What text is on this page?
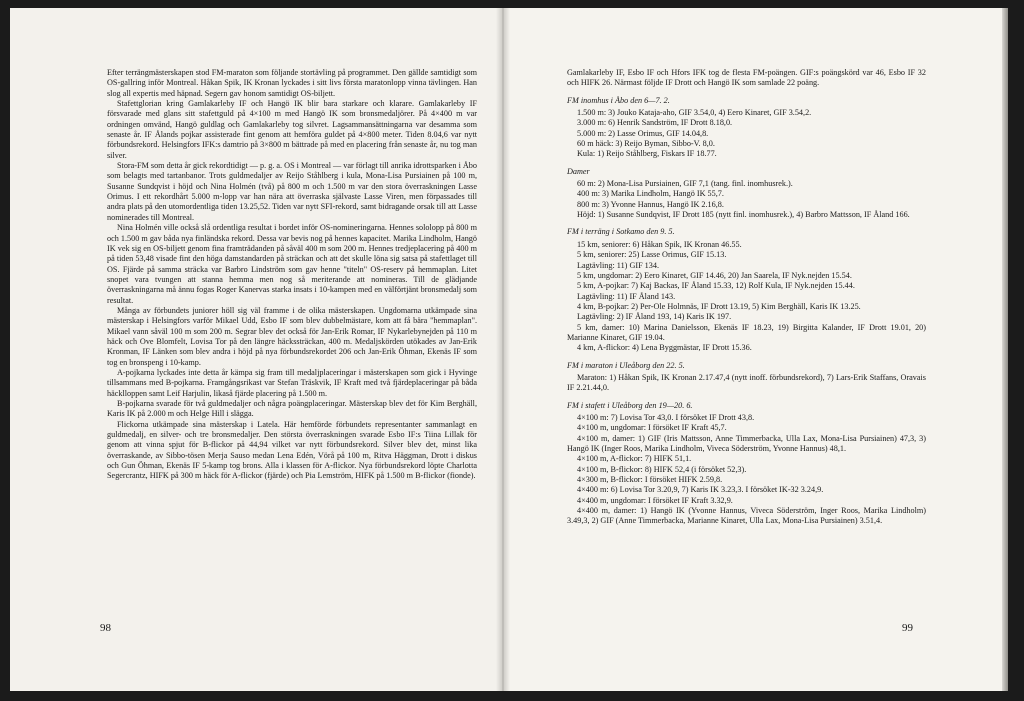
Efter terrängmästerskapen stod FM-maraton som följande stortävling på programmet. Den gällde samtidigt som OS-gallring inför Montreal. Håkan Spik, IK Kronan lyckades i sitt livs första maratonlopp vinna tävlingen. Han slog all expertis med häpnad. Segern gav honom samtidigt OS-biljett.

Stafettglorian kring Gamlakarleby IF och Hangö IK blir bara starkare och klarare. Gamlakarleby IF försvarade med glans sitt stafettguld på 4×100 m med Hangö IK som bronsmedaljörer. På 4×400 m var ordningen omvänd, Hangö guldlag och Gamlakarleby tog silvret. Lagsammansättningarna var desamma som senaste år. IF Ålands pojkar assisterade fint genom att hemföra guldet på 4×800 meter. Tiden 8.04,6 var nytt förbundsrekord. Helsingfors IFK:s damtrio på 3×800 m bättrade på med en placering från senaste år, nu tog man silver.

Stora-FM som detta år gick rekordtidigt — p. g. a. OS i Montreal — var förlagt till anrika idrottsparken i Åbo som belagts med tartanbanor. Trots guldmedaljer av Reijo Ståhlberg i kula, Mona-Lisa Pursiainen på 100 m, Susanne Sundqvist i höjd och Nina Holmén (två) på 800 m och 1.500 m var den stora överraskningen Lasse Orimus. I ett rekordhårt 5.000 m-lopp var han nära att överraska självaste Lasse Viren, men förpassades till andra plats på den utomordentliga tiden 13.25,52. Tiden var nytt SFI-rekord, samt bidragande orsak till att Lasse nominerades till Montreal.

Nina Holmén ville också slå ordentliga resultat i bordet inför OS-nomineringarna. Hennes sololopp på 800 m och 1.500 m gav båda nya finländska rekord. Dessa var bevis nog på hennes kapacitet. Marika Lindholm, Hangö IK vek sig en OS-biljett genom fina framträdanden på såväl 400 m som 200 m. Hennes tredjeplacering på 400 m på tiden 53,48 visade fint den höga damstandarden på sträckan och att det skulle löna sig satsa på stafettlaget till OS. Fjärde på samma sträcka var Barbro Lindström som gav henne "titeln" OS-reserv på hemmaplan. Litet snopet vara tvungen att stanna hemma men nog så meriterande att nomineras. Till de glädjande överraskningarna må ännu fogas Roger Kanervas starka insats i 10-kampen med en välförtjänt bronsmedalj som resultat.

Många av förbundets juniorer höll sig väl framme i de olika mästerskapen. Ungdomarna utkämpade sina mästerskap i Helsingfors varför Mikael Udd, Esbo IF som blev dubbelmästare, kom att få bära "hemmaplan". Mikael vann såväl 100 m som 200 m. Segrar blev det också för Jan-Erik Romar, IF Nykarlebynejden på 110 m häck och Ove Blomfelt, Lovisa Tor på den längre häckssträckan, 400 m. Medaljskörden utökades av Jan-Erik Kronman, IF Länken som blev andra i höjd på nya förbundsrekordet 206 och Jan-Erik Öhman, Ekenäs IF som tog en bronspeng i 10-kamp.

A-pojkarna lyckades inte detta år kämpa sig fram till medaljplaceringar i mästerskapen som gick i Hyvinge tillsammans med B-pojkarna. Framgångsrikast var Stefan Träskvik, IF Kraft med två fjärdeplaceringar på båda häcklloppen samt Leif Harjulin, likaså fjärde placering på 1.500 m.

B-pojkarna svarade för två guldmedaljer och några poängplaceringar. Mästerskap blev det för Kim Berghäll, Karis IK på 2.000 m och Helge Hill i slägga.

Flickorna utkämpade sina mästerskap i Latela. Här hemförde förbundets representanter sammanlagt en guldmedalj, en silver- och tre bronsmedaljer. Den största överraskningen svarade Esbo IF:s Tiina Lillak för genom att vinna spjut för B-flickor på 44,94 vilket var nytt förbundsrekord. Silver blev det, minst lika överraskande, av Sibbo-tösen Merja Sauso medan Lena Edén, Vörå på 100 m, Ritva Häggman, Drott i diskus och Gun Öhman, Ekenäs IF 5-kamp tog brons. Alla i klassen för A-flickor. Nya förbundsrekord löpte Charlotta Segercrantz, HIFK på 300 m häck för A-flickor (fjärde) och Pia Lemström, HIFK på 1.500 m B-flickor (fionde).

Gamlakarleby IF, Esbo IF och Hfors IFK tog de flesta FM-poängen. GIF:s poängskörd var 46, Esbo IF 32 och HIFK 26. Närmast följde IF Drott och Hangö IK som samlade 22 poäng.

FM inomhus i Åbo den 6—7. 2.

1.500 m: 3) Jouko Kataja-aho, GIF 3.54,0, 4) Eero Kinaret, GIF 3.54,2.

3.000 m: 6) Henrik Sandström, IF Drott 8.18,0.

5.000 m: 2) Lasse Orimus, GIF 14.04,8.

60 m häck: 3) Reijo Byman, Sibbo-V. 8,0.

Kula: 1) Reijo Ståhlberg, Fiskars IF 18.77.

Damer

60 m: 2) Mona-Lisa Pursiainen, GIF 7,1 (tang. finl. inomhusrek.).

400 m: 3) Marika Lindholm, Hangö IK 55,7.

800 m: 3) Yvonne Hannus, Hangö IK 2.16,8.

Höjd: 1) Susanne Sundqvist, IF Drott 185 (nytt finl. inomhusrek.), 4) Barbro Mattsson, IF Åland 166.

FM i terräng i Sotkamo den 9. 5.

15 km, seniorer: 6) Håkan Spik, IK Kronan 46.55.

5 km, seniorer: 25) Lasse Orimus, GIF 15.13.

Lagtävling: 11) GIF 134.

5 km, ungdomar: 2) Eero Kinaret, GIF 14.46, 20) Jan Saarela, IF Nyk.nejden 15.54.

5 km, A-pojkar: 7) Kaj Backas, IF Åland 15.33, 12) Rolf Kula, IF Nyk.nejden 15.44.

Lagtävling: 11) IF Åland 143.

4 km, B-pojkar: 2) Per-Ole Holmnäs, IF Drott 13.19, 5) Kim Berghäll, Karis IK 13.25.

Lagtävling: 2) IF Åland 193, 14) Karis IK 197.

5 km, damer: 10) Marina Danielsson, Ekenäs IF 18.23, 19) Birgitta Kalander, IF Drott 19.01, 20) Marianne Kinaret, GIF 19.04.

4 km, A-flickor: 4) Lena Byggmästar, IF Drott 15.36.

FM i maraton i Uleåborg den 22. 5.

Maraton: 1) Håkan Spik, IK Kronan 2.17.47,4 (nytt inoff. förbundsrekord), 7) Lars-Erik Staffans, Oravais IF 2.21.44,0.

FM i stafett i Uleåborg den 19—20. 6.

4×100 m: 7) Lovisa Tor 43,0. I försöket IF Drott 43,8.

4×100 m, ungdomar: I försöket IF Kraft 45,7.

4×100 m, damer: 1) GIF (Iris Mattsson, Anne Timmerbacka, Ulla Lax, Mona-Lisa Pursiainen) 47,3, 3) Hangö IK (Inger Roos, Marika Lindholm, Viveca Söderström, Yvonne Hannus) 48,1.

4×100 m, A-flickor: 7) HIFK 51,1.

4×100 m, B-flickor: 8) HIFK 52,4 (i försöket 52,3).

4×300 m, B-flickor: I försöket HIFK 2.59,8.

4×400 m: 6) Lovisa Tor 3.20,9, 7) Karis IK 3.23,3. I försöket IK-32 3.24,9.

4×400 m, ungdomar: I försöket IF Kraft 3.32,9.

4×400 m, damer: 1) Hangö IK (Yvonne Hannus, Viveca Söderström, Inger Roos, Marika Lindholm) 3.49,3, 2) GIF (Anne Timmerbacka, Marianne Kinaret, Ulla Lax, Mona-Lisa Pursiainen) 3.51,4.

98	99
